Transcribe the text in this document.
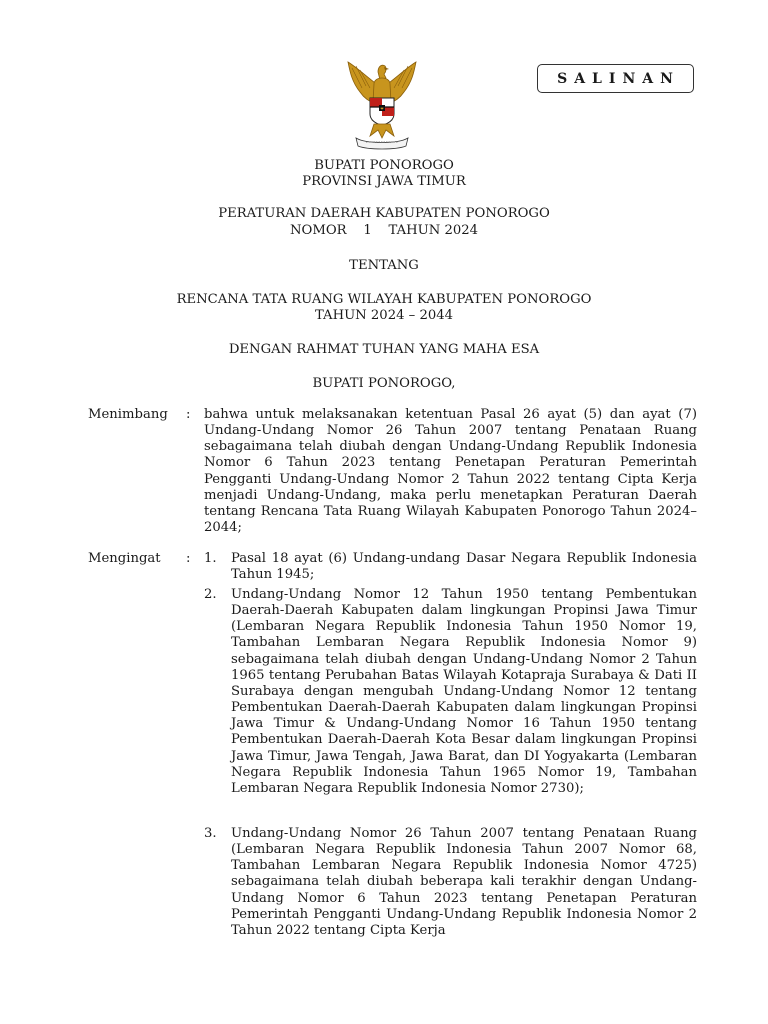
SALINAN
BUPATI PONOROGO
PROVINSI JAWA TIMUR
PERATURAN DAERAH KABUPATEN PONOROGO
NOMOR    1    TAHUN 2024
TENTANG
RENCANA TATA RUANG WILAYAH KABUPATEN PONOROGO
TAHUN 2024 – 2044
DENGAN RAHMAT TUHAN YANG MAHA ESA
BUPATI PONOROGO,
Menimbang : bahwa untuk melaksanakan ketentuan Pasal 26 ayat (5) dan ayat (7) Undang-Undang Nomor 26 Tahun 2007 tentang Penataan Ruang sebagaimana telah diubah dengan Undang-Undang Republik Indonesia Nomor 6 Tahun 2023 tentang Penetapan Peraturan Pemerintah Pengganti Undang-Undang Nomor 2 Tahun 2022 tentang Cipta Kerja menjadi Undang-Undang, maka perlu menetapkan Peraturan Daerah tentang Rencana Tata Ruang Wilayah Kabupaten Ponorogo Tahun 2024–2044;
Mengingat : 1. Pasal 18 ayat (6) Undang-undang Dasar Negara Republik Indonesia Tahun 1945;
2. Undang-Undang Nomor 12 Tahun 1950 tentang Pembentukan Daerah-Daerah Kabupaten dalam lingkungan Propinsi Jawa Timur (Lembaran Negara Republik Indonesia Tahun 1950 Nomor 19, Tambahan Lembaran Negara Republik Indonesia Nomor 9) sebagaimana telah diubah dengan Undang-Undang Nomor 2 Tahun 1965 tentang Perubahan Batas Wilayah Kotapraja Surabaya & Dati II Surabaya dengan mengubah Undang-Undang Nomor 12 tentang Pembentukan Daerah-Daerah Kabupaten dalam lingkungan Propinsi Jawa Timur & Undang-Undang Nomor 16 Tahun 1950 tentang Pembentukan Daerah-Daerah Kota Besar dalam lingkungan Propinsi Jawa Timur, Jawa Tengah, Jawa Barat, dan DI Yogyakarta (Lembaran Negara Republik Indonesia Tahun 1965 Nomor 19, Tambahan Lembaran Negara Republik Indonesia Nomor 2730);
3. Undang-Undang Nomor 26 Tahun 2007 tentang Penataan Ruang (Lembaran Negara Republik Indonesia Tahun 2007 Nomor 68, Tambahan Lembaran Negara Republik Indonesia Nomor 4725) sebagaimana telah diubah beberapa kali terakhir dengan Undang-Undang Nomor 6 Tahun 2023 tentang Penetapan Peraturan Pemerintah Pengganti Undang-Undang Republik Indonesia Nomor 2 Tahun 2022 tentang Cipta Kerja
